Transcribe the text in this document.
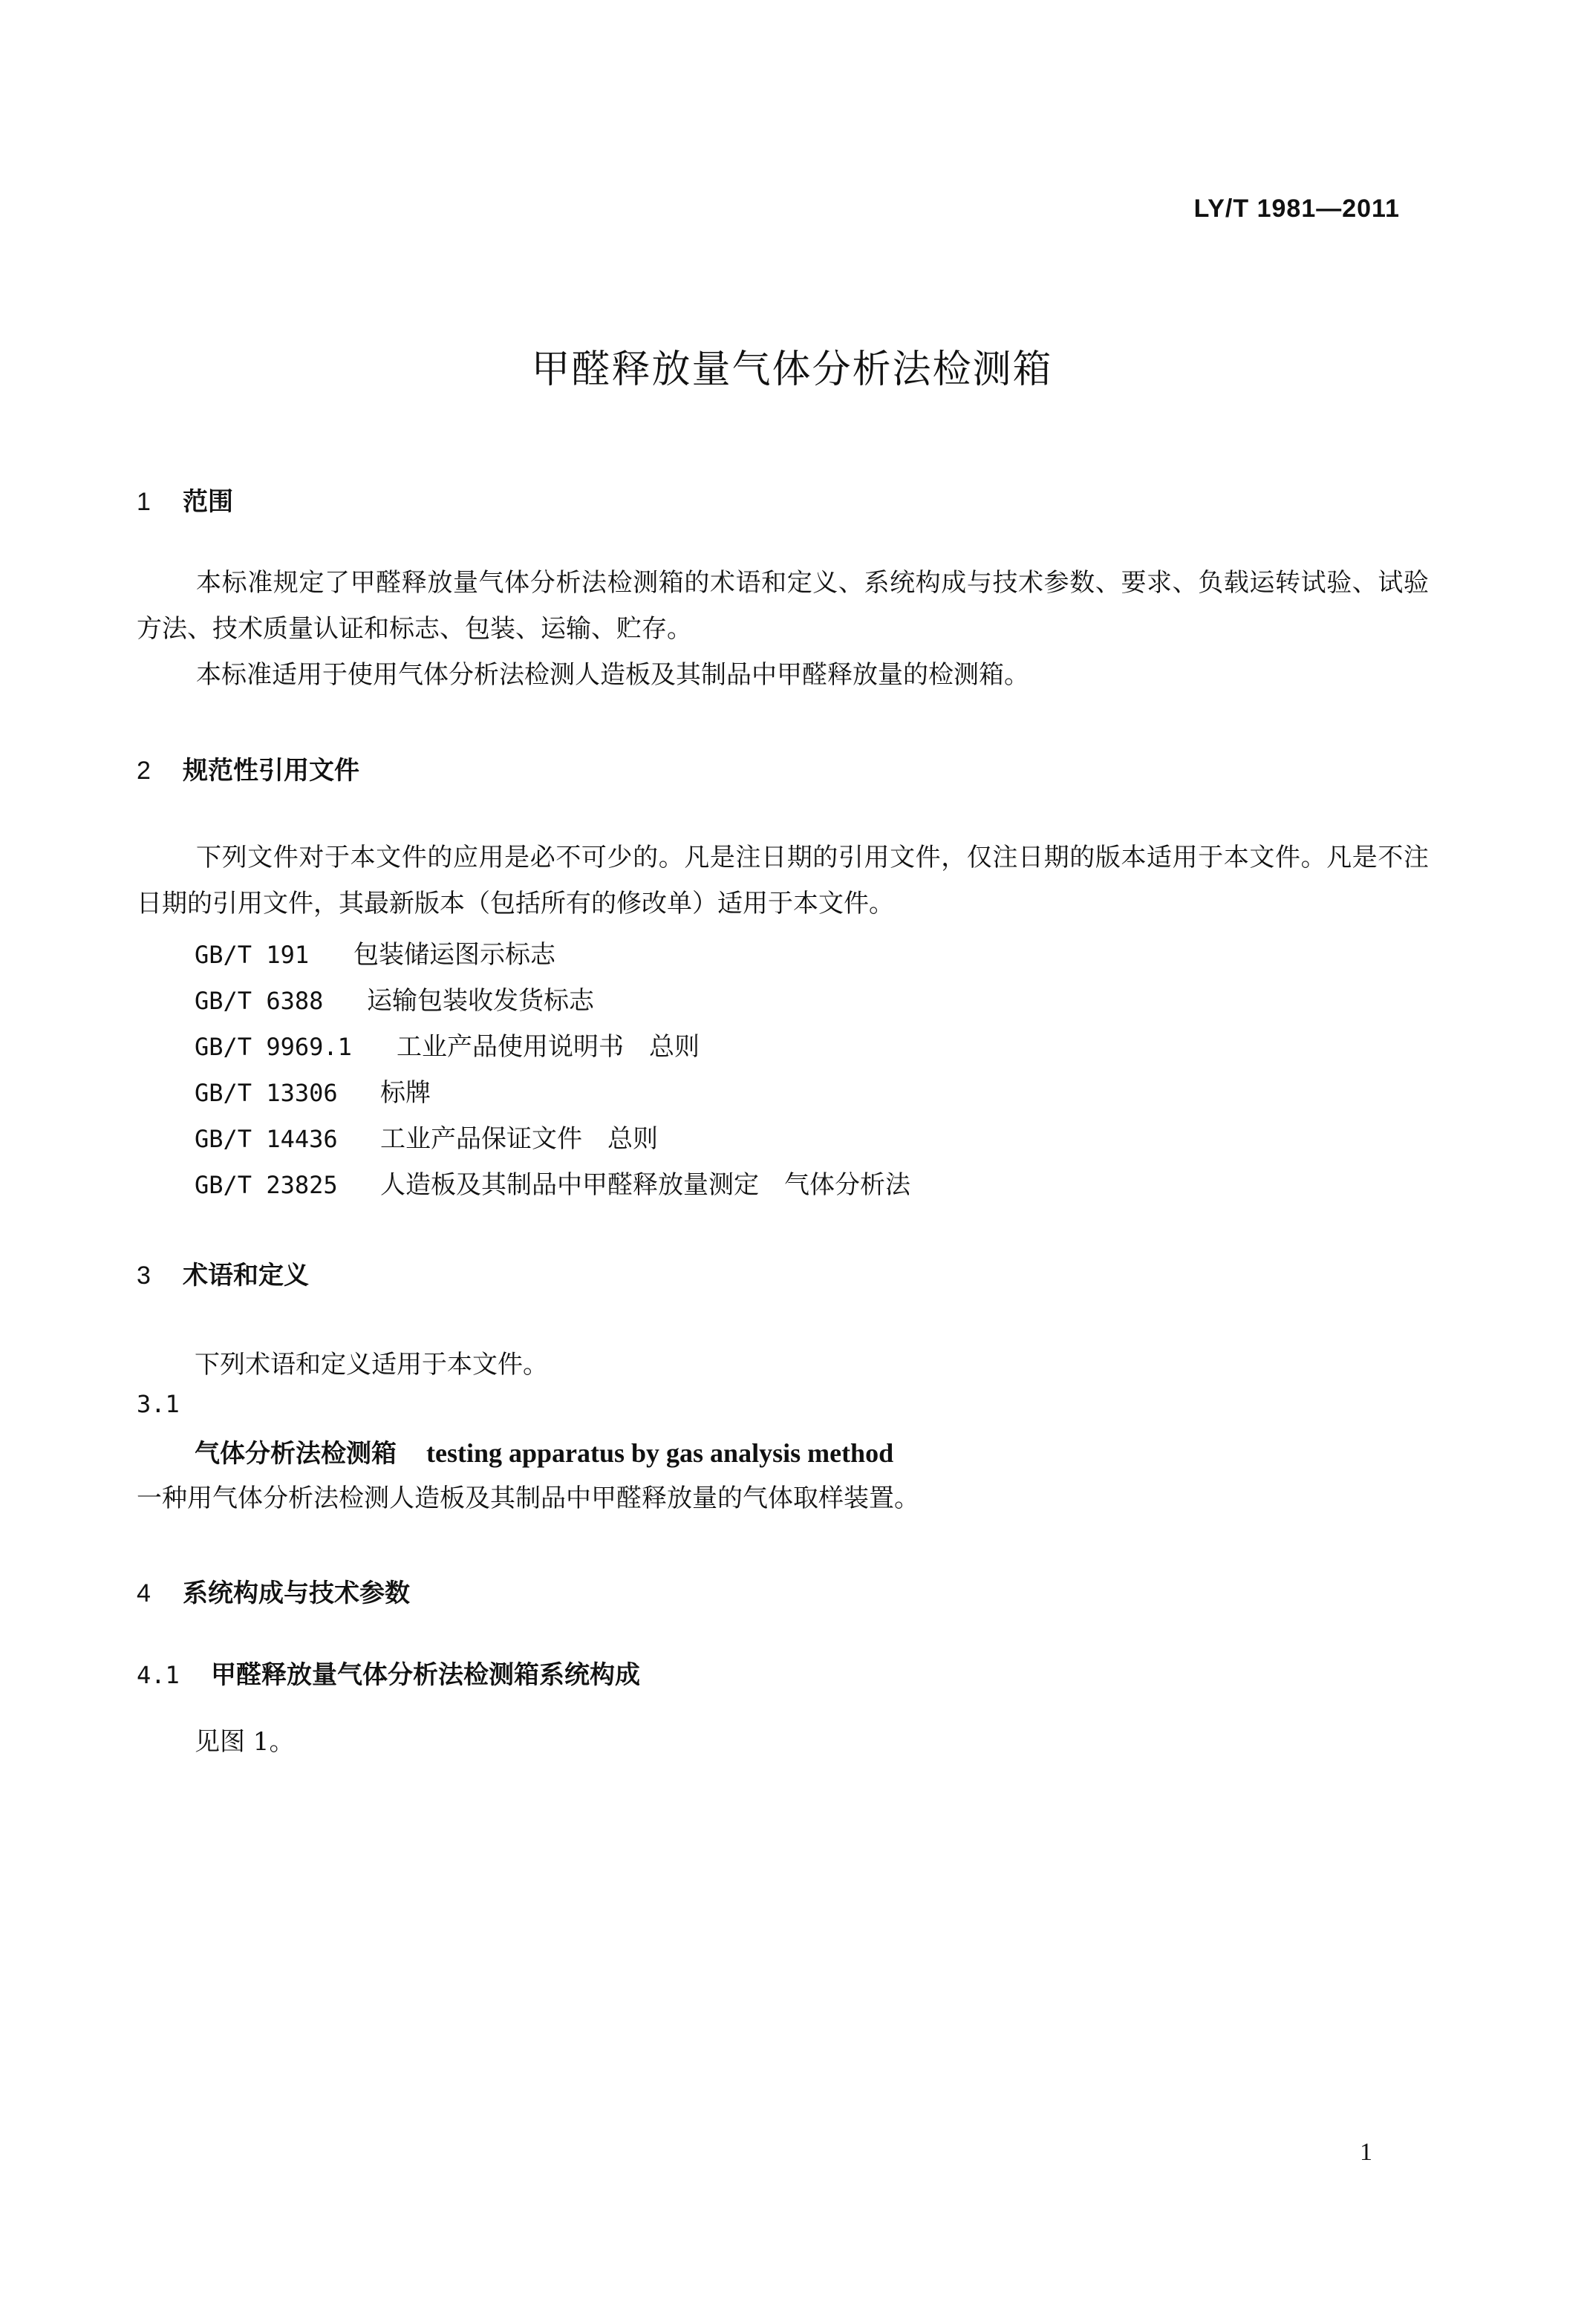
LY/T 1981—2011
甲醛释放量气体分析法检测箱
1 范围
本标准规定了甲醛释放量气体分析法检测箱的术语和定义、系统构成与技术参数、要求、负载运转试验、试验方法、技术质量认证和标志、包装、运输、贮存。
本标准适用于使用气体分析法检测人造板及其制品中甲醛释放量的检测箱。
2 规范性引用文件
下列文件对于本文件的应用是必不可少的。凡是注日期的引用文件，仅注日期的版本适用于本文件。凡是不注日期的引用文件，其最新版本（包括所有的修改单）适用于本文件。
GB/T 191 包装储运图示标志
GB/T 6388 运输包装收发货标志
GB/T 9969.1 工业产品使用说明书　总则
GB/T 13306 标牌
GB/T 14436 工业产品保证文件　总则
GB/T 23825 人造板及其制品中甲醛释放量测定　气体分析法
3 术语和定义
下列术语和定义适用于本文件。
3.1
气体分析法检测箱 testing apparatus by gas analysis method
一种用气体分析法检测人造板及其制品中甲醛释放量的气体取样装置。
4 系统构成与技术参数
4.1 甲醛释放量气体分析法检测箱系统构成
见图 1。
1
